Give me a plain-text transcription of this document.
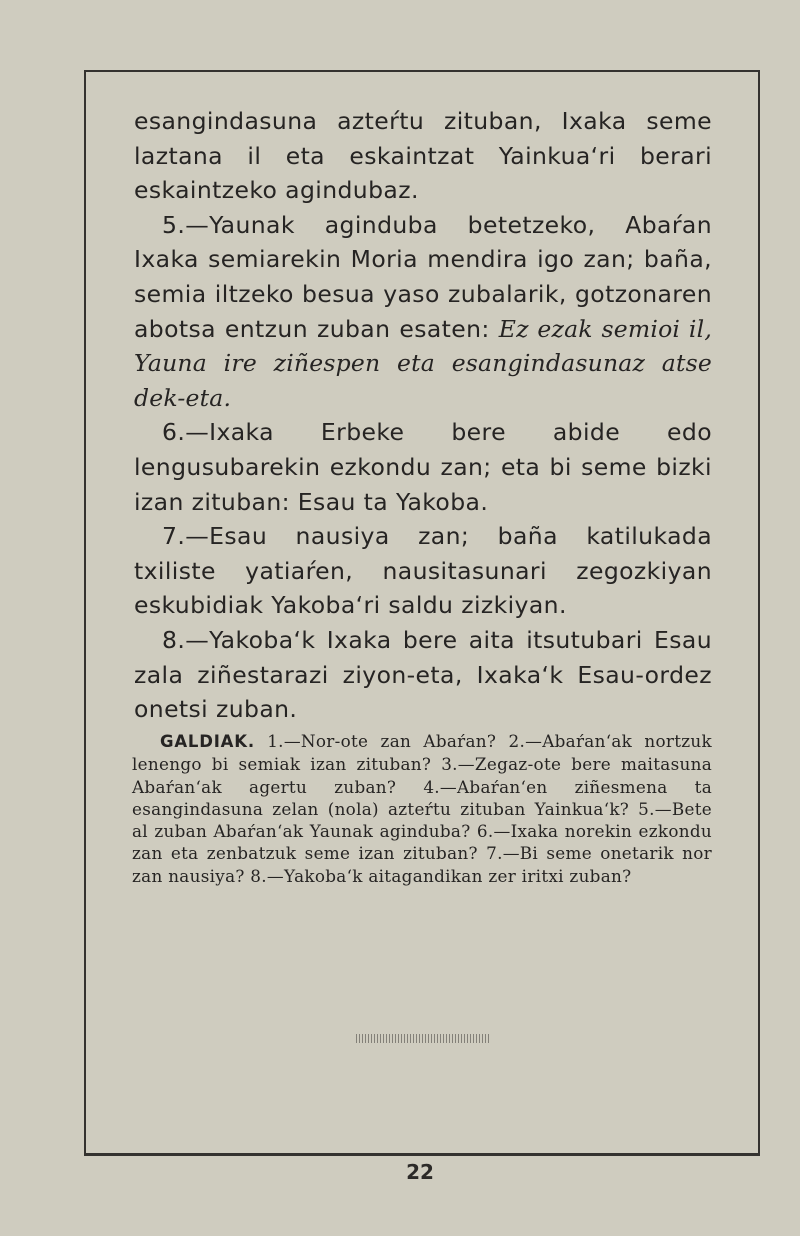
esangindasuna azteŕtu zituban, Ixaka seme laztana il eta eskaintzat Yainkua‘ri berari eskaintzeko agindubaz.

5.—Yaunak aginduba betetzeko, Abaŕan Ixaka semiarekin Moria mendira igo zan; baña, semia iltzeko besua yaso zubalarik, gotzonaren abotsa entzun zuban esaten: Ez ezak semioi il, Yauna ire ziñespen eta esangindasunaz atse dek-eta.

6.—Ixaka Erbeke bere abide edo lengusubarekin ezkondu zan; eta bi seme bizki izan zituban: Esau ta Yakoba.

7.—Esau nausiya zan; baña katilukada txiliste yatiaŕen, nausitasunari zegozkiyan eskubidiak Yakoba‘ri saldu zizkiyan.

8.—Yakoba‘k Ixaka bere aita itsutubari Esau zala ziñestarazi ziyon-eta, Ixaka‘k Esau-ordez onetsi zuban.

GALDIAK. 1.—Nor-ote zan Abaŕan? 2.—Abaŕan‘ak nortzuk lenengo bi semiak izan zituban? 3.—Zegaz-ote bere maitasuna Abaŕan‘ak agertu zuban? 4.—Abaŕan‘en ziñesmena ta esangindasuna zelan (nola) azteŕtu zituban Yainkua‘k? 5.—Bete al zuban Abaŕan‘ak Yaunak aginduba? 6.—Ixaka norekin ezkondu zan eta zenbatzuk seme izan zituban? 7.—Bi seme onetarik nor zan nausiya? 8.—Yakoba‘k aitagandikan zer iritxi zuban?

22
